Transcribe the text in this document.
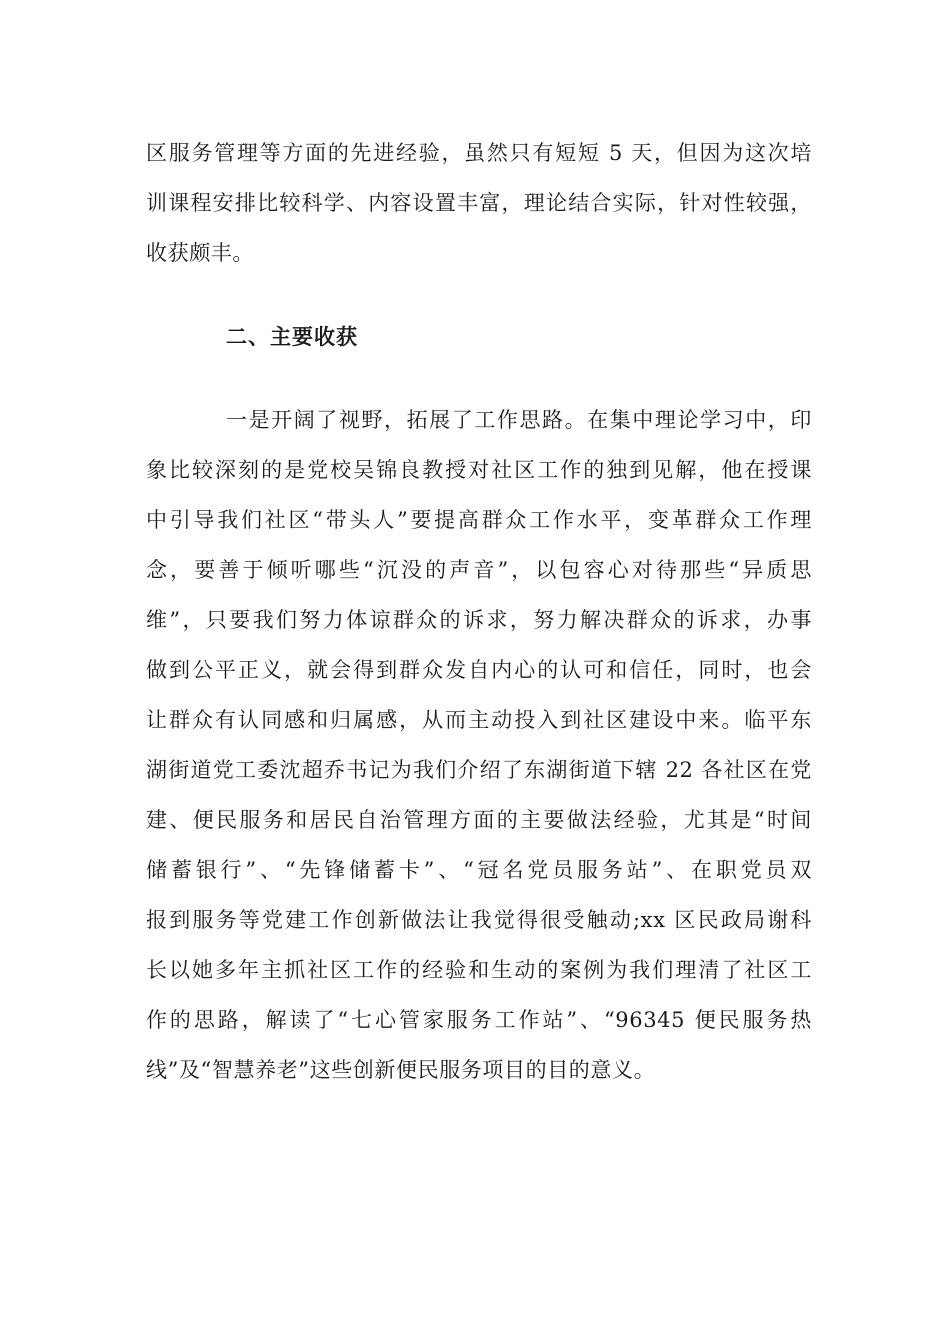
区服务管理等方面的先进经验，虽然只有短短 5 天，但因为这次培
训课程安排比较科学、内容设置丰富，理论结合实际，针对性较强，
收获颇丰。
二、主要收获
一是开阔了视野，拓展了工作思路。在集中理论学习中，印
象比较深刻的是党校吴锦良教授对社区工作的独到见解，他在授课
中引导我们社区“带头人”要提高群众工作水平，变革群众工作理
念，要善于倾听哪些“沉没的声音”，以包容心对待那些“异质思
维”，只要我们努力体谅群众的诉求，努力解决群众的诉求，办事
做到公平正义，就会得到群众发自内心的认可和信任，同时，也会
让群众有认同感和归属感，从而主动投入到社区建设中来。临平东
湖街道党工委沈超乔书记为我们介绍了东湖街道下辖 22 各社区在党
建、便民服务和居民自治管理方面的主要做法经验，尤其是“时间
储蓄银行”、“先锋储蓄卡”、“冠名党员服务站”、在职党员双
报到服务等党建工作创新做法让我觉得很受触动;xx 区民政局谢科
长以她多年主抓社区工作的经验和生动的案例为我们理清了社区工
作的思路，解读了“七心管家服务工作站”、“96345 便民服务热
线”及“智慧养老”这些创新便民服务项目的目的意义。
